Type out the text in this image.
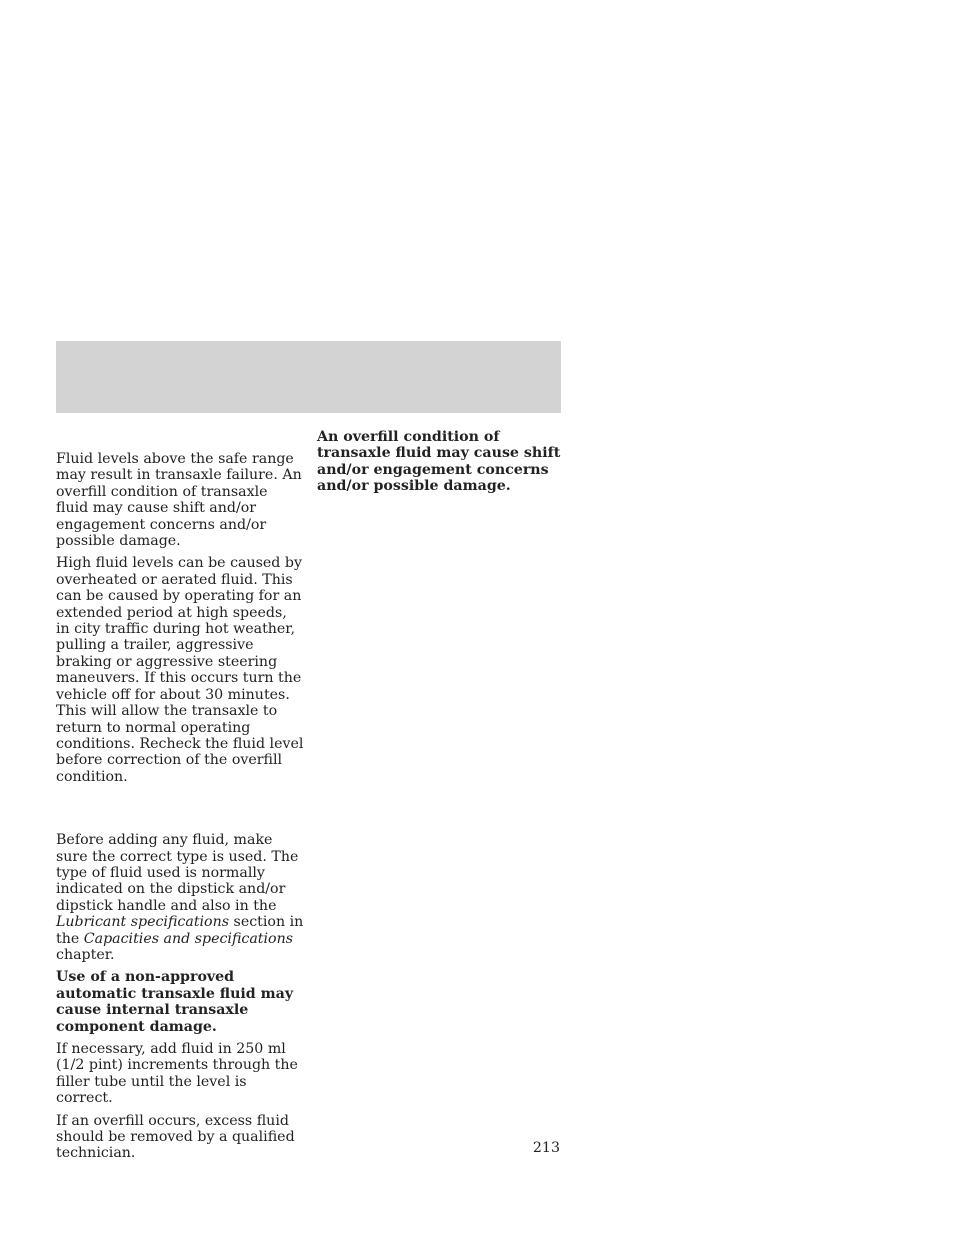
Fluid levels above the safe range may result in transaxle failure. An overfill condition of transaxle fluid may cause shift and/or engagement concerns and/or possible damage.

High fluid levels can be caused by overheated or aerated fluid. This can be caused by operating for an extended period at high speeds, in city traffic during hot weather, pulling a trailer, aggressive braking or aggressive steering maneuvers. If this occurs turn the vehicle off for about 30 minutes. This will allow the transaxle to return to normal operating conditions. Recheck the fluid level before correction of the overfill condition.

Before adding any fluid, make sure the correct type is used. The type of fluid used is normally indicated on the dipstick and/or dipstick handle and also in the Lubricant specifications section in the Capacities and specifications chapter.

Use of a non-approved automatic transaxle fluid may cause internal transaxle component damage.

If necessary, add fluid in 250 ml (1/2 pint) increments through the filler tube until the level is correct.

If an overfill occurs, excess fluid should be removed by a qualified technician.

An overfill condition of transaxle fluid may cause shift and/or engagement concerns and/or possible damage.

213
